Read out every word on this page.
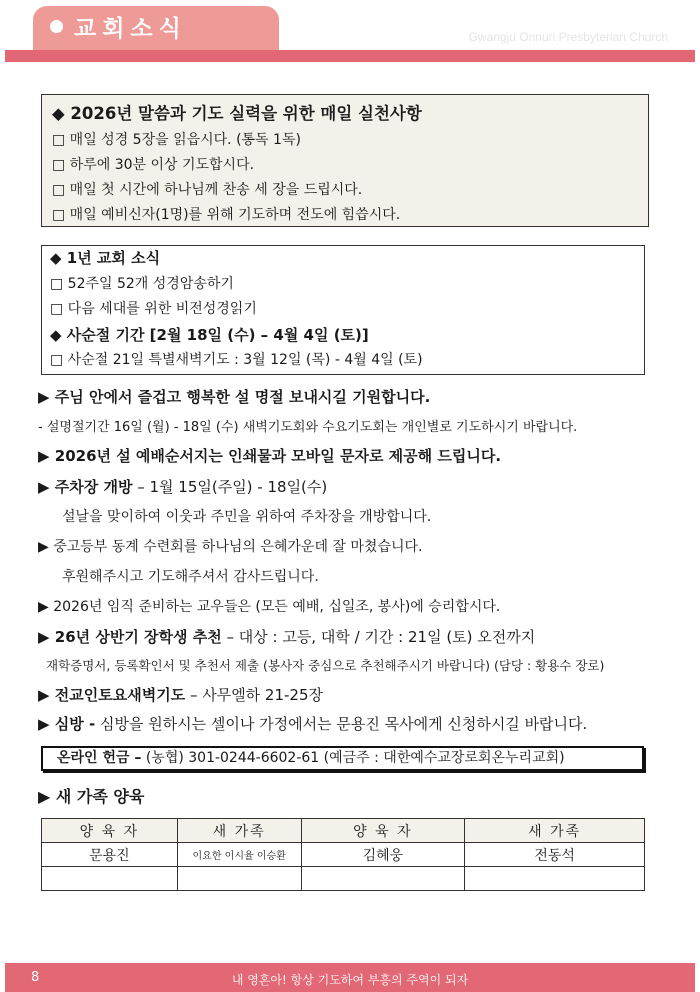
교회소식	Gwangju Onnuri Presbyterian Church
◆ 2026년 말씀과 기도 실력을 위한 매일 실천사항
□ 매일 성경 5장을 읽읍시다. (통독 1독)
□ 하루에 30분 이상 기도합시다.
□ 매일 첫 시간에 하나님께 찬송 세 장을 드립시다.
□ 매일 예비신자(1명)를 위해 기도하며 전도에 힘씁시다.
◆ 1년 교회 소식
□ 52주일 52개 성경암송하기
□ 다음 세대를 위한 비전성경읽기
◆ 사순절 기간 [2월 18일 (수) – 4월 4일 (토)]
□ 사순절 21일 특별새벽기도 : 3월 12일 (목) - 4월 4일 (토)
▶ 주님 안에서 즐겁고 행복한 설 명절 보내시길 기원합니다.
- 설명절기간 16일 (월) - 18일 (수) 새벽기도회와 수요기도회는 개인별로 기도하시기 바랍니다.
▶ 2026년 설 예배순서지는 인쇄물과 모바일 문자로 제공해 드립니다.
▶ 주차장 개방 – 1월 15일(주일) - 18일(수)
설날을 맞이하여 이웃과 주민을 위하여 주차장을 개방합니다.
▶ 중고등부 동계 수련회를 하나님의 은혜가운데 잘 마쳤습니다.
후원해주시고 기도해주셔서 감사드립니다.
▶ 2026년 임직 준비하는 교우들은 (모든 예배, 십일조, 봉사)에 승리합시다.
▶ 26년 상반기 장학생 추천 – 대상 : 고등, 대학 / 기간 : 21일 (토) 오전까지
재학증명서, 등록확인서 및 추천서 제출 (봉사자 중심으로 추천해주시기 바랍니다) (담당 : 황용수 장로)
▶ 전교인토요새벽기도 – 사무엘하 21-25장
▶ 심방 - 심방을 원하시는 셀이나 가정에서는 문용진 목사에게 신청하시길 바랍니다.
온라인 헌금 – (농협) 301-0244-6602-61 (예금주 : 대한예수교장로회온누리교회)
▶ 새 가족 양육
양 육 자	새 가족	양 육 자	새 가족
문용진	이요한 이시율 이승환	김혜웅	전동석

8	내 영혼아! 항상 기도하여 부흥의 주역이 되자
